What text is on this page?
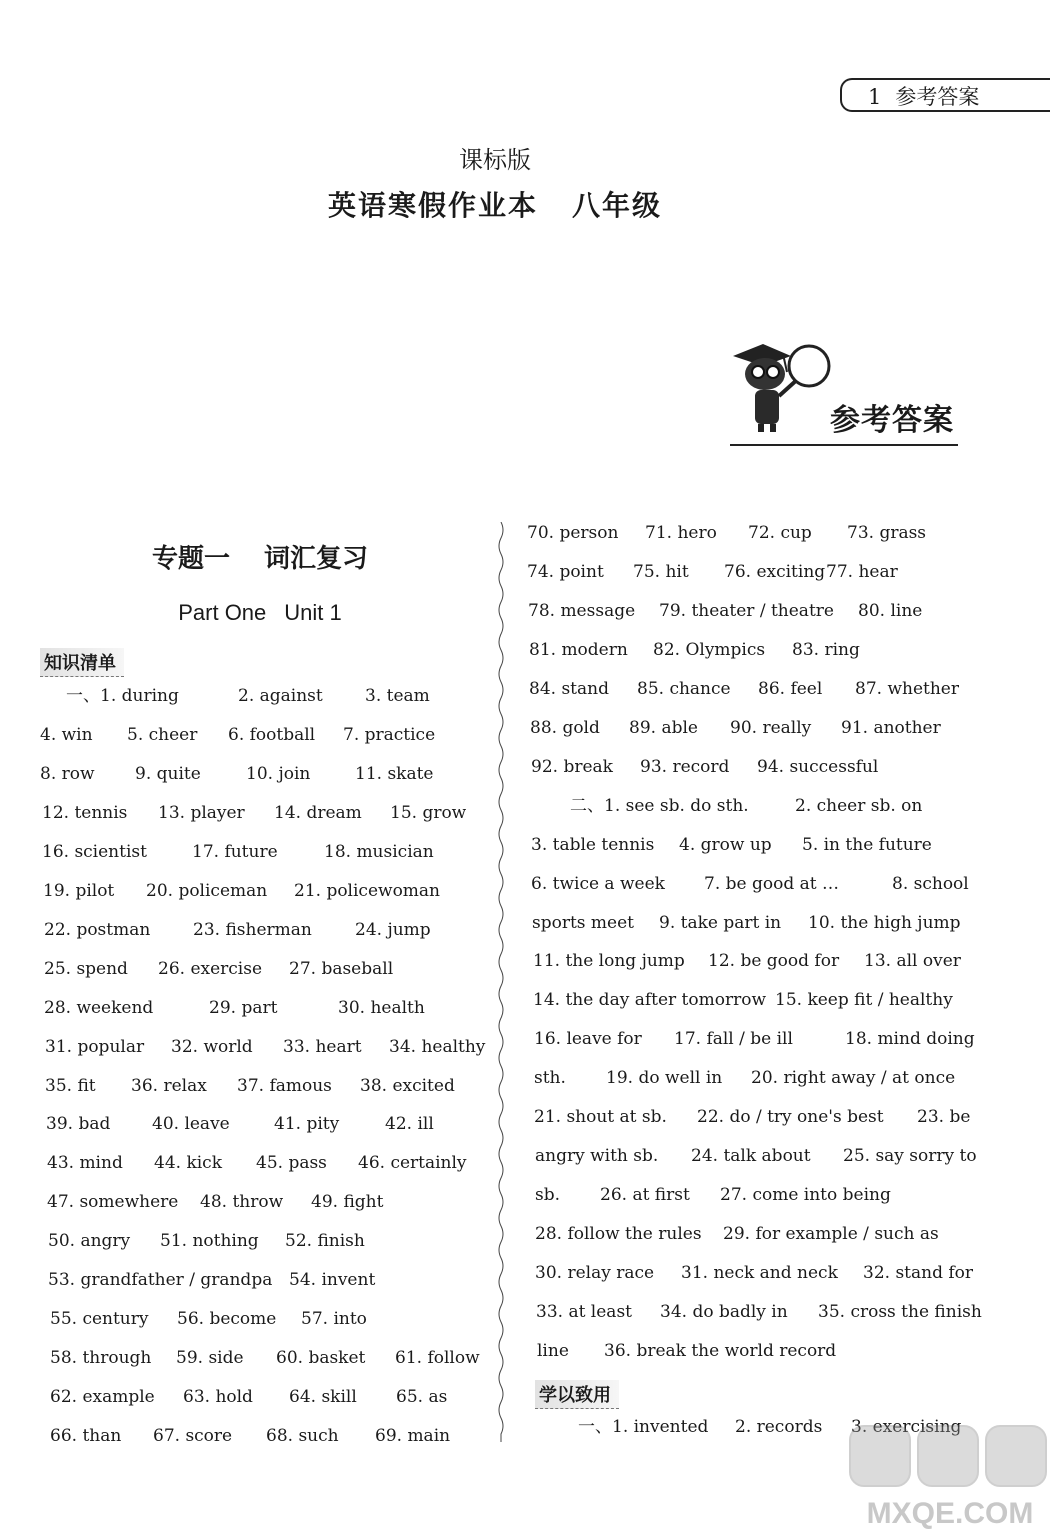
1 参考答案
课标版
英语寒假作业本 八年级
参考答案
专题一 词汇复习
Part One Unit 1
知识清单
一、1. during	2. against 3. team
4. win 5. cheer 6. football 7. practice
8. row 9. quite	10. join	11. skate
12. tennis 13. player 14. dream 15. grow
16. scientist	17. future	18. musician
19. pilot 20. policeman 21. policewoman
22. postman	23. fisherman	24. jump
25. spend 26. exercise 27. baseball
28. weekend	29. part	30. health
31. popular 32. world 33. heart 34. healthy
35. fit 36. relax 37. famous 38. excited
39. bad 40. leave	41. pity	42. ill
43. mind 44. kick 45. pass 46. certainly
47. somewhere 48. throw 49. fight
50. angry 51. nothing 52. finish
53. grandfather / grandpa 54. invent
55. century 56. become 57. into
58. through 59. side 60. basket 61. follow
62. example 63. hold 64. skill 65. as
66. than 67. score 68. such 69. main
70. person 71. hero 72. cup 73. grass
74. point 75. hit 76. exciting 77. hear
78. message 79. theater / theatre 80. line
81. modern 82. Olympics 83. ring
84. stand 85. chance 86. feel 87. whether
88. gold 89. able 90. really 91. another
92. break 93. record 94. successful
二、1. see sb. do sth.	2. cheer sb. on
3. table tennis 4. grow up 5. in the future
6. twice a week 7. be good at …	8. school
sports meet 9. take part in 10. the high jump
11. the long jump 12. be good for 13. all over
14. the day after tomorrow 15. keep fit / healthy
16. leave for 17. fall / be ill	18. mind doing
sth. 19. do well in 20. right away / at once
21. shout at sb. 22. do / try one's best 23. be
angry with sb. 24. talk about 25. say sorry to
sb. 26. at first 27. come into being
28. follow the rules 29. for example / such as
30. relay race 31. neck and neck 32. stand for
33. at least 34. do badly in 35. cross the finish
line 36. break the world record
学以致用
一、1. invented 2. records 3. exercising
MXQE.COM
